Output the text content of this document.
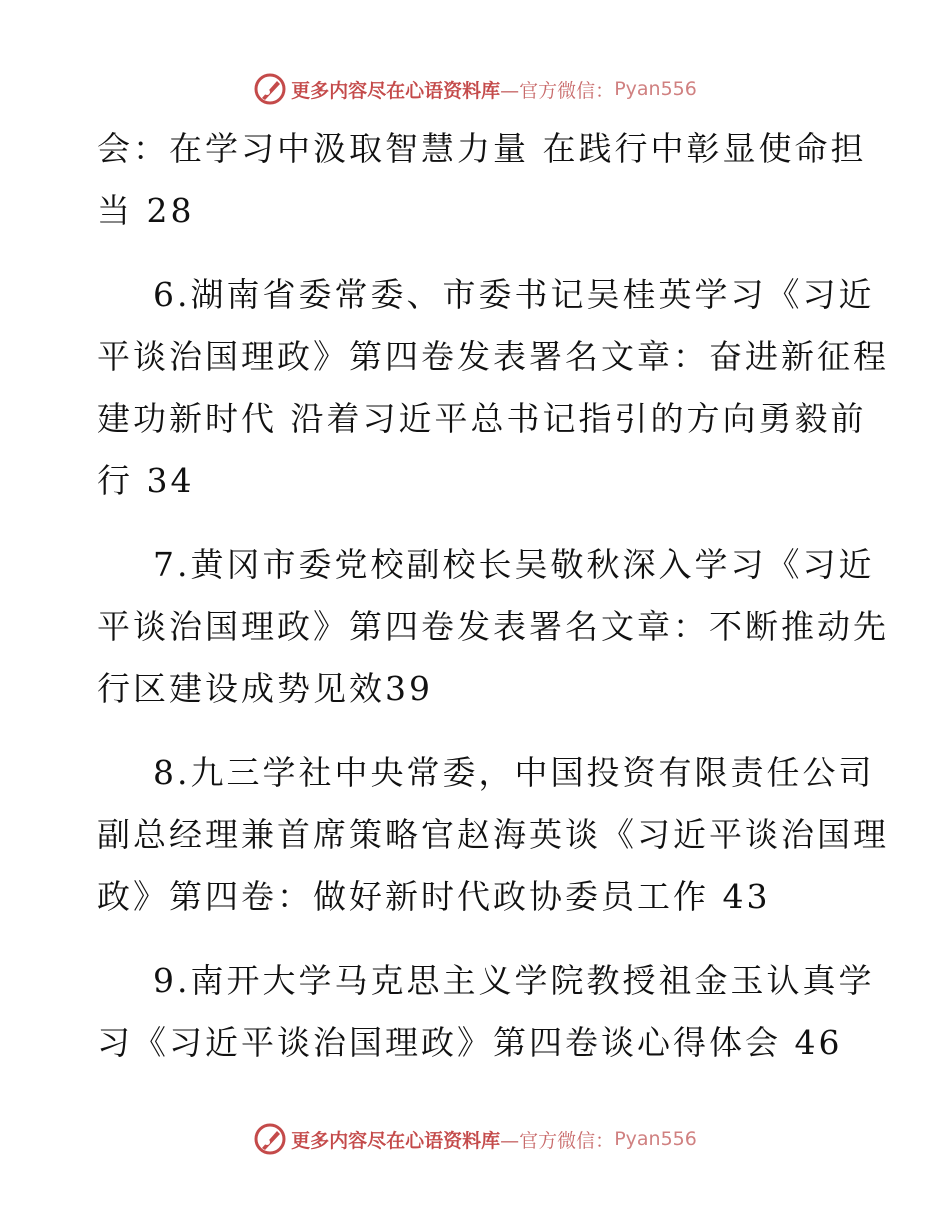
更多内容尽在心语资料库 —官方微信： Pyan556
会：在学习中汲取智慧力量 在践行中彰显使命担
当 28
6.湖南省委常委、市委书记吴桂英学习《习近
平谈治国理政》第四卷发表署名文章：奋进新征程
建功新时代 沿着习近平总书记指引的方向勇毅前
行 34
7.黄冈市委党校副校长吴敬秋深入学习《习近
平谈治国理政》第四卷发表署名文章：不断推动先
行区建设成势见效39
8.九三学社中央常委，中国投资有限责任公司
副总经理兼首席策略官赵海英谈《习近平谈治国理
政》第四卷：做好新时代政协委员工作 43
9.南开大学马克思主义学院教授祖金玉认真学
习《习近平谈治国理政》第四卷谈心得体会 46
更多内容尽在心语资料库 —官方微信： Pyan556
